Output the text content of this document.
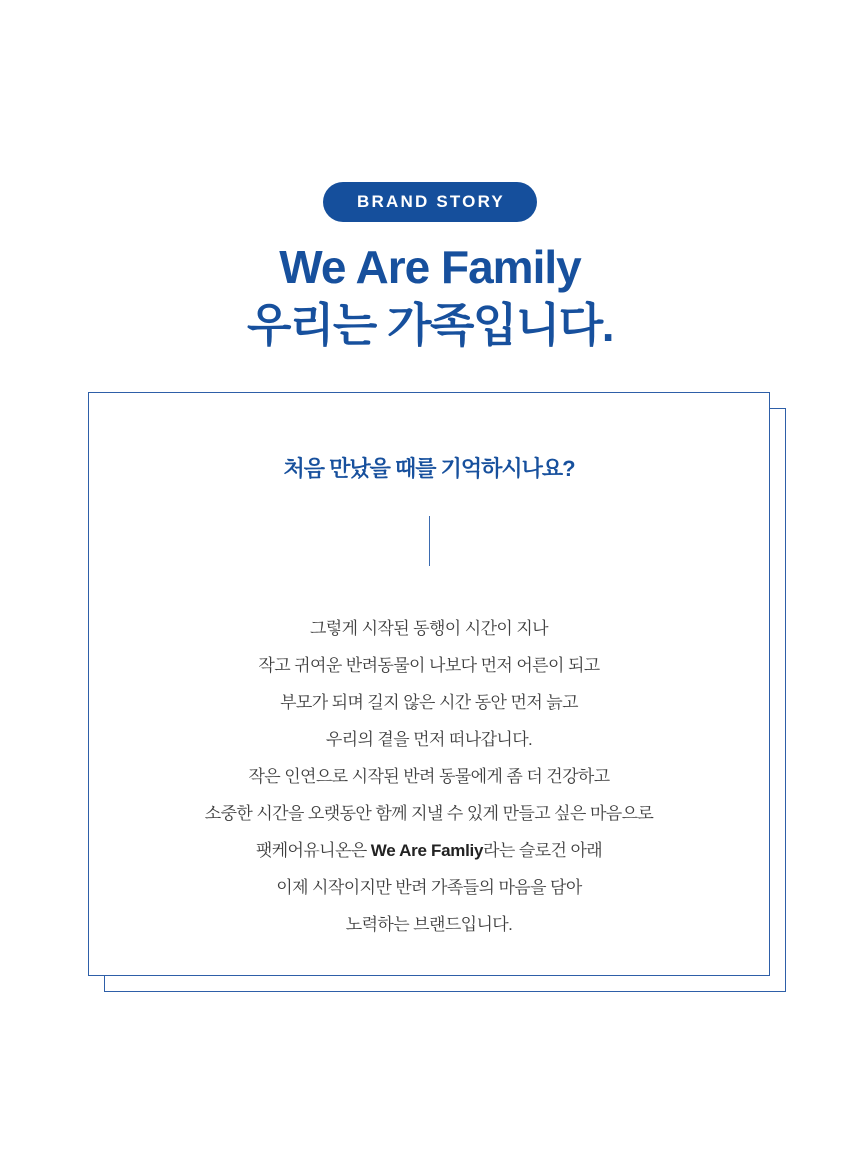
BRAND STORY
We Are Family
우리는 가족입니다.
처음 만났을 때를 기억하시나요?
그렇게 시작된 동행이 시간이 지나
작고 귀여운 반려동물이 나보다 먼저 어른이 되고
부모가 되며 길지 않은 시간 동안 먼저 늙고
우리의 곁을 먼저 떠나갑니다.
작은 인연으로 시작된 반려 동물에게 좀 더 건강하고
소중한 시간을 오랫동안 함께 지낼 수 있게 만들고 싶은 마음으로
팻케어유니온은 We Are Famliy라는 슬로건 아래
이제 시작이지만 반려 가족들의 마음을 담아
노력하는 브랜드입니다.
